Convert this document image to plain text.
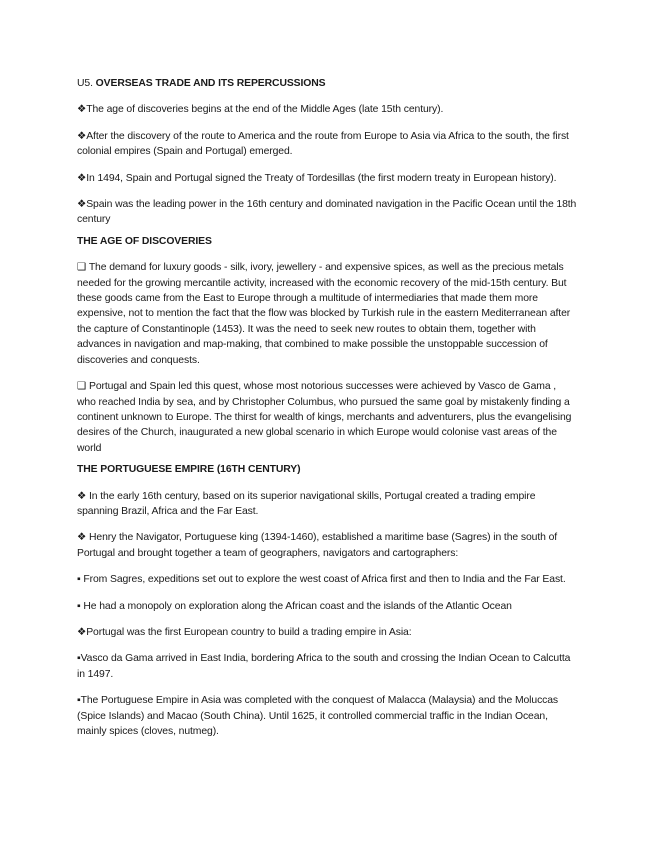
U5. OVERSEAS TRADE AND ITS REPERCUSSIONS
❖The age of discoveries begins at the end of the Middle Ages (late 15th century).
❖After the discovery of the route to America and the route from Europe to Asia via Africa to the south, the first colonial empires (Spain and Portugal) emerged.
❖In 1494, Spain and Portugal signed the Treaty of Tordesillas (the first modern treaty in European history).
❖Spain was the leading power in the 16th century and dominated navigation in the Pacific Ocean until the 18th century
THE AGE OF DISCOVERIES
❑ The demand for luxury goods - silk, ivory, jewellery - and expensive spices, as well as the precious metals needed for the growing mercantile activity, increased with the economic recovery of the mid-15th century. But these goods came from the East to Europe through a multitude of intermediaries that made them more expensive, not to mention the fact that the flow was blocked by Turkish rule in the eastern Mediterranean after the capture of Constantinople (1453). It was the need to seek new routes to obtain them, together with advances in navigation and map-making, that combined to make possible the unstoppable succession of discoveries and conquests.
❑ Portugal and Spain led this quest, whose most notorious successes were achieved by Vasco de Gama , who reached India by sea, and by Christopher Columbus, who pursued the same goal by mistakenly finding a continent unknown to Europe. The thirst for wealth of kings, merchants and adventurers, plus the evangelising desires of the Church, inaugurated a new global scenario in which Europe would colonise vast areas of the world
THE PORTUGUESE EMPIRE (16TH CENTURY)
❖ In the early 16th century, based on its superior navigational skills, Portugal created a trading empire spanning Brazil, Africa and the Far East.
❖ Henry the Navigator, Portuguese king (1394-1460), established a maritime base (Sagres) in the south of Portugal and brought together a team of geographers, navigators and cartographers:
▪ From Sagres, expeditions set out to explore the west coast of Africa first and then to India and the Far East.
▪ He had a monopoly on exploration along the African coast and the islands of the Atlantic Ocean
❖Portugal was the first European country to build a trading empire in Asia:
▪Vasco da Gama arrived in East India, bordering Africa to the south and crossing the Indian Ocean to Calcutta in 1497.
▪The Portuguese Empire in Asia was completed with the conquest of Malacca (Malaysia) and the Moluccas (Spice Islands) and Macao (South China). Until 1625, it controlled commercial traffic in the Indian Ocean, mainly spices (cloves, nutmeg).
